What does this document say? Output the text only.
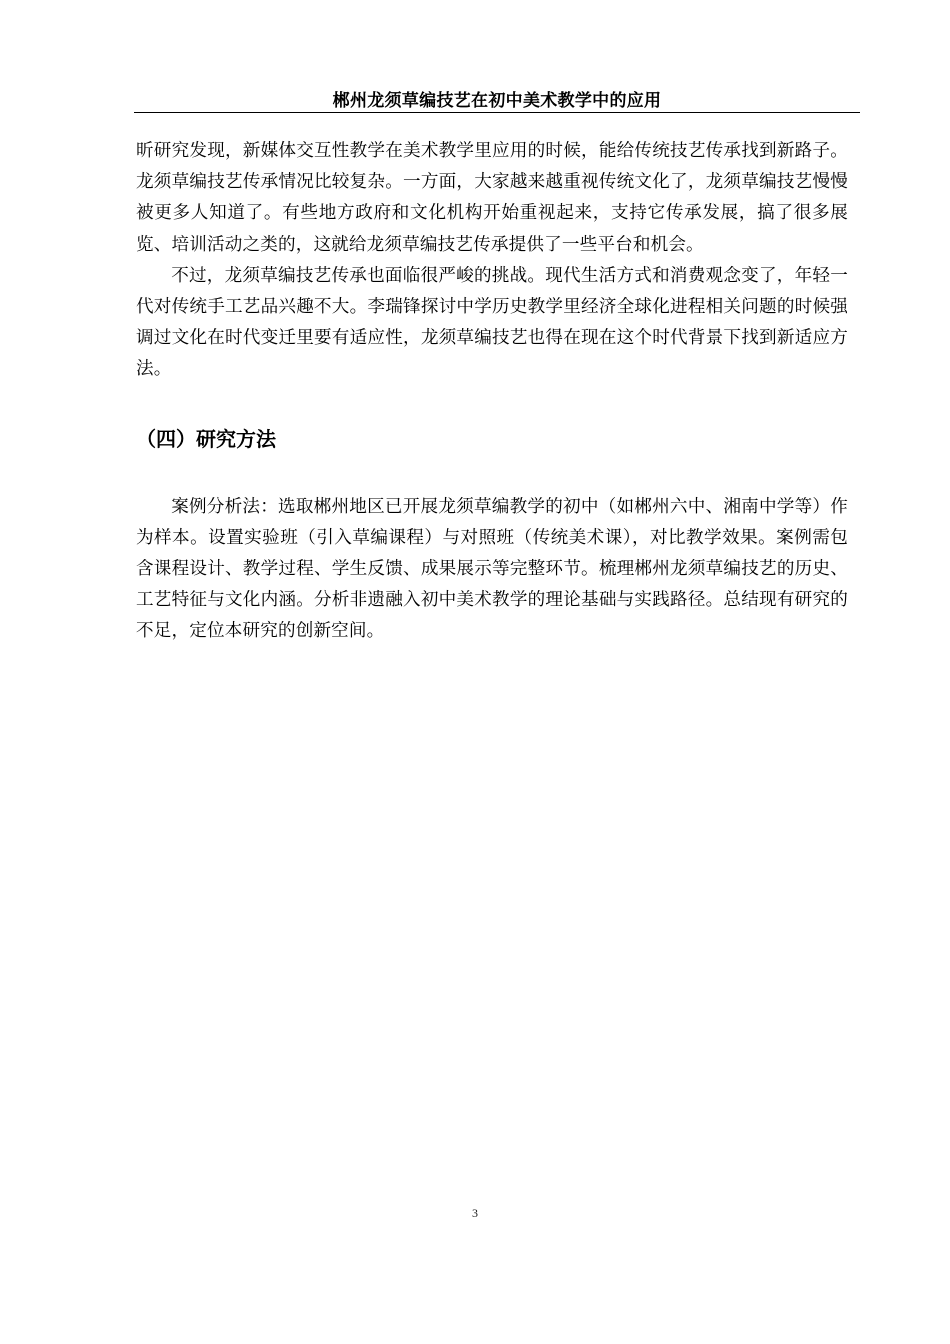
郴州龙须草编技艺在初中美术教学中的应用

昕研究发现，新媒体交互性教学在美术教学里应用的时候，能给传统技艺传承找到新路子。龙须草编技艺传承情况比较复杂。一方面，大家越来越重视传统文化了，龙须草编技艺慢慢被更多人知道了。有些地方政府和文化机构开始重视起来，支持它传承发展，搞了很多展览、培训活动之类的，这就给龙须草编技艺传承提供了一些平台和机会。

不过，龙须草编技艺传承也面临很严峻的挑战。现代生活方式和消费观念变了，年轻一代对传统手工艺品兴趣不大。李瑞锋探讨中学历史教学里经济全球化进程相关问题的时候强调过文化在时代变迁里要有适应性，龙须草编技艺也得在现在这个时代背景下找到新适应方法。

（四）研究方法

案例分析法：选取郴州地区已开展龙须草编教学的初中（如郴州六中、湘南中学等）作为样本。设置实验班（引入草编课程）与对照班（传统美术课），对比教学效果。案例需包含课程设计、教学过程、学生反馈、成果展示等完整环节。梳理郴州龙须草编技艺的历史、工艺特征与文化内涵。分析非遗融入初中美术教学的理论基础与实践路径。总结现有研究的不足，定位本研究的创新空间。

3
